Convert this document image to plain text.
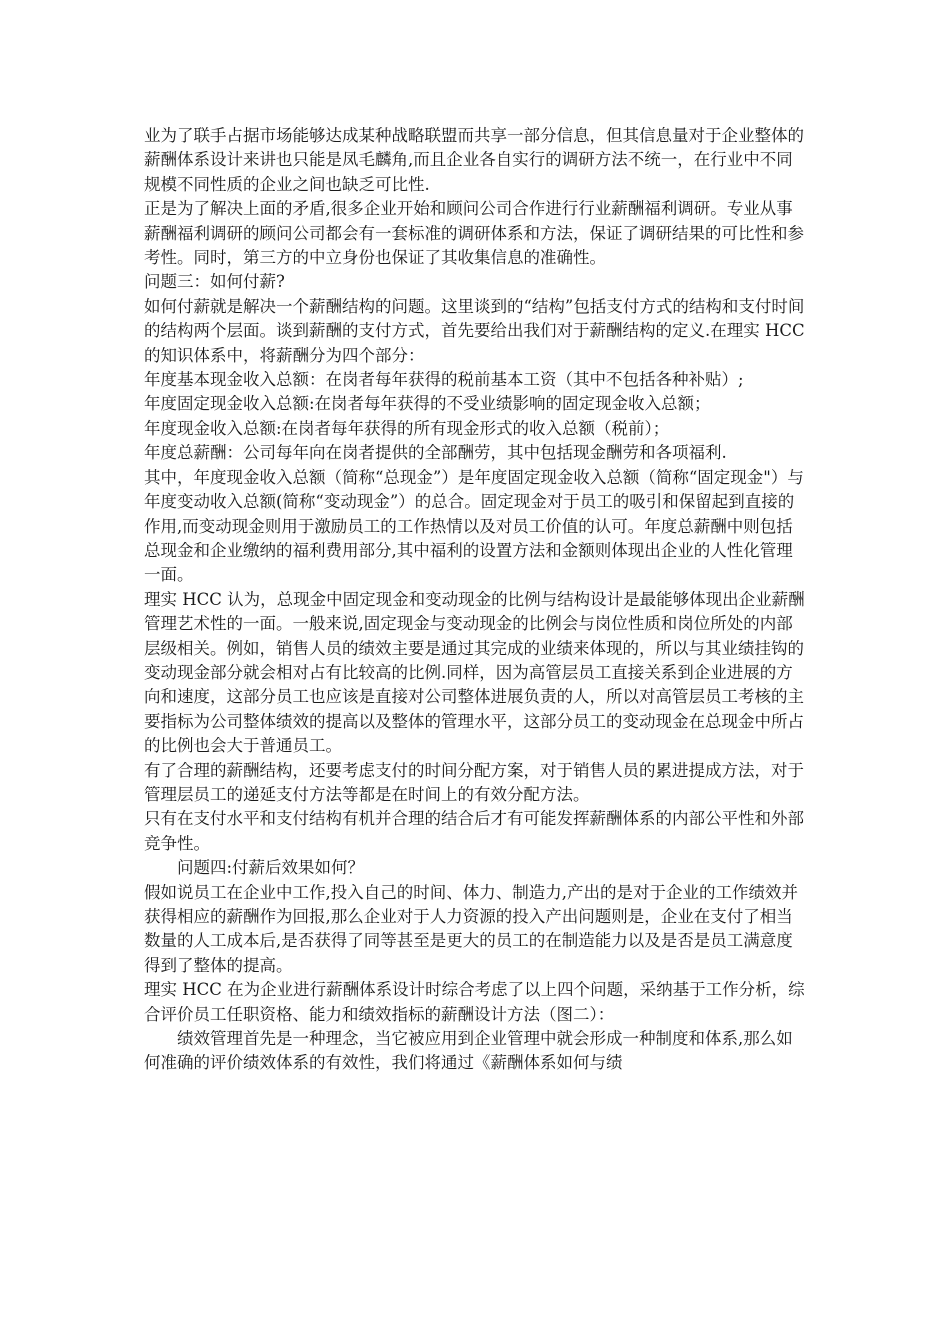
业为了联手占据市场能够达成某种战略联盟而共享一部分信息，但其信息量对于企业整体的薪酬体系设计来讲也只能是凤毛麟角,而且企业各自实行的调研方法不统一，在行业中不同规模不同性质的企业之间也缺乏可比性.

正是为了解决上面的矛盾,很多企业开始和顾问公司合作进行行业薪酬福利调研。专业从事薪酬福利调研的顾问公司都会有一套标准的调研体系和方法，保证了调研结果的可比性和参考性。同时，第三方的中立身份也保证了其收集信息的准确性。

问题三：如何付薪?

如何付薪就是解决一个薪酬结构的问题。这里谈到的“结构”包括支付方式的结构和支付时间的结构两个层面。谈到薪酬的支付方式，首先要给出我们对于薪酬结构的定义.在理实 HCC 的知识体系中，将薪酬分为四个部分：

年度基本现金收入总额：在岗者每年获得的税前基本工资（其中不包括各种补贴）;

年度固定现金收入总额:在岗者每年获得的不受业绩影响的固定现金收入总额；

年度现金收入总额:在岗者每年获得的所有现金形式的收入总额（税前）；

年度总薪酬：公司每年向在岗者提供的全部酬劳，其中包括现金酬劳和各项福利.

其中，年度现金收入总额（简称“总现金”）是年度固定现金收入总额（简称“固定现金"）与年度变动收入总额(简称“变动现金”）的总合。固定现金对于员工的吸引和保留起到直接的作用,而变动现金则用于激励员工的工作热情以及对员工价值的认可。年度总薪酬中则包括总现金和企业缴纳的福利费用部分,其中福利的设置方法和金额则体现出企业的人性化管理一面。

理实 HCC 认为，总现金中固定现金和变动现金的比例与结构设计是最能够体现出企业薪酬管理艺术性的一面。一般来说,固定现金与变动现金的比例会与岗位性质和岗位所处的内部层级相关。例如，销售人员的绩效主要是通过其完成的业绩来体现的，所以与其业绩挂钩的变动现金部分就会相对占有比较高的比例.同样，因为高管层员工直接关系到企业进展的方向和速度，这部分员工也应该是直接对公司整体进展负责的人，所以对高管层员工考核的主要指标为公司整体绩效的提高以及整体的管理水平，这部分员工的变动现金在总现金中所占的比例也会大于普通员工。

有了合理的薪酬结构，还要考虑支付的时间分配方案，对于销售人员的累进提成方法，对于管理层员工的递延支付方法等都是在时间上的有效分配方法。

只有在支付水平和支付结构有机并合理的结合后才有可能发挥薪酬体系的内部公平性和外部竞争性。

问题四:付薪后效果如何？

假如说员工在企业中工作,投入自己的时间、体力、制造力,产出的是对于企业的工作绩效并获得相应的薪酬作为回报,那么企业对于人力资源的投入产出问题则是，企业在支付了相当数量的人工成本后,是否获得了同等甚至是更大的员工的在制造能力以及是否是员工满意度得到了整体的提高。

理实 HCC 在为企业进行薪酬体系设计时综合考虑了以上四个问题，采纳基于工作分析，综合评价员工任职资格、能力和绩效指标的薪酬设计方法（图二）：

绩效管理首先是一种理念，当它被应用到企业管理中就会形成一种制度和体系,那么如何准确的评价绩效体系的有效性，我们将通过《薪酬体系如何与绩
